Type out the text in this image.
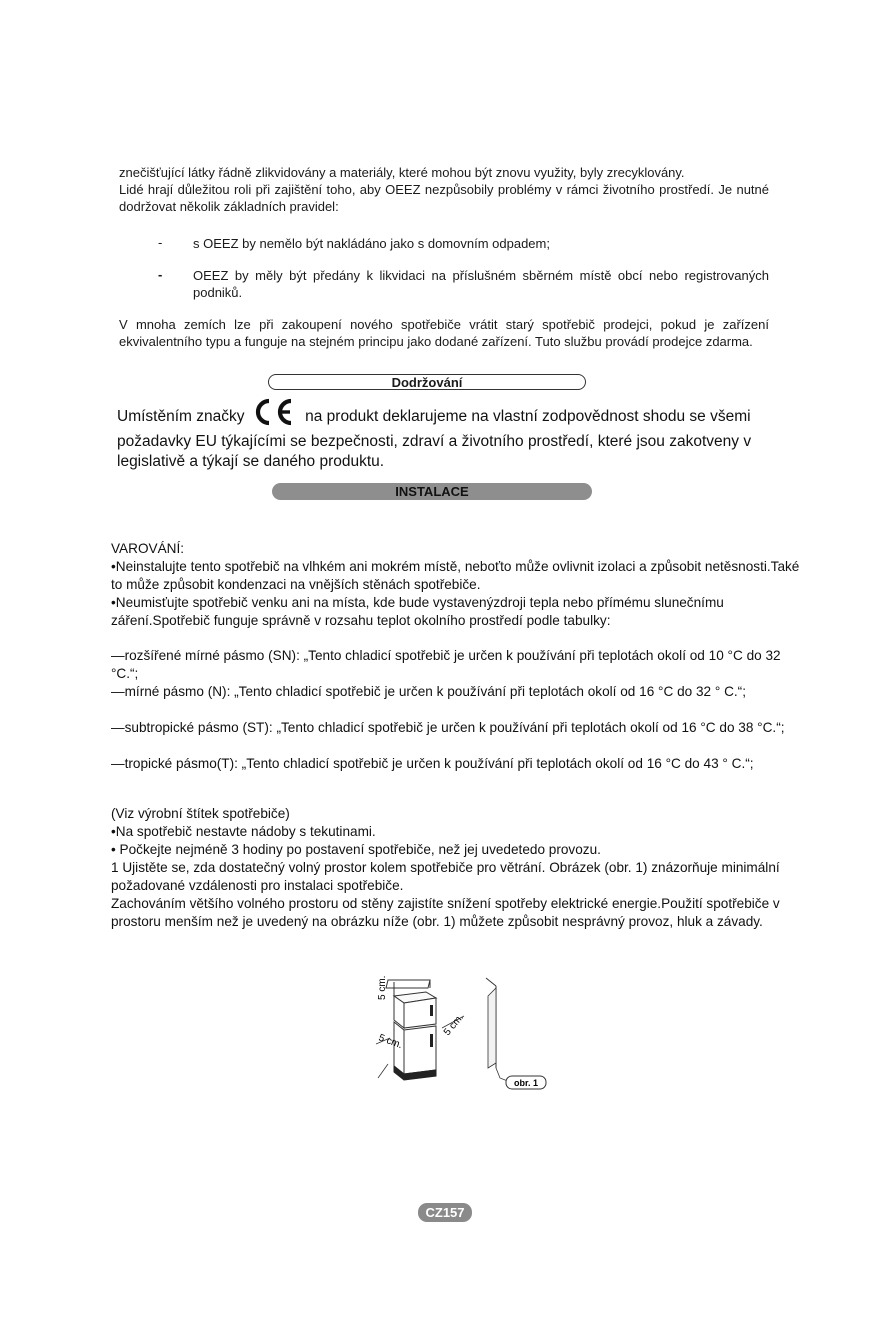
znečišťující látky řádně zlikvidovány a materiály, které mohou být znovu využity, byly zrecyklovány.
Lidé hrají důležitou roli při zajištění toho, aby OEEZ nezpůsobily problémy v rámci životního prostředí. Je nutné dodržovat několik základních pravidel:
- s OEEZ by nemělo být nakládáno jako s domovním odpadem;
- OEEZ by měly být předány k likvidaci na příslušném sběrném místě obcí nebo registrovaných podniků.
V mnoha zemích lze při zakoupení nového spotřebiče vrátit starý spotřebič prodejci, pokud je zařízení ekvivalentního typu a funguje na stejném principu jako dodané zařízení. Tuto službu provádí prodejce zdarma.
Dodržování
Umístěním značky	na produkt deklarujeme na vlastní zodpovědnost shodu se všemi požadavky EU týkajícími se bezpečnosti, zdraví a životního prostředí, které jsou zakotveny v legislativě a týkají se daného produktu.
INSTALACE
VAROVÁNÍ:
•Neinstalujte tento spotřebič na vlhkém ani mokrém místě, neboťto může ovlivnit izolaci a způsobit netěsnosti.Také to může způsobit kondenzaci na vnějších stěnách spotřebiče.
•Neumisťujte spotřebič venku ani na místa, kde bude vystavenýzdroji tepla nebo přímému slunečnímu záření.Spotřebič funguje správně v rozsahu teplot okolního prostředí podle tabulky:
—rozšířené mírné pásmo (SN): „Tento chladicí spotřebič je určen k používání při teplotách okolí od 10 °C do 32 °C.“;
—mírné pásmo (N): „Tento chladicí spotřebič je určen k používání při teplotách okolí od 16 °C do 32 ° C.“;
—subtropické pásmo (ST): „Tento chladicí spotřebič je určen k používání při teplotách okolí od 16 °C do 38 °C.“;
—tropické pásmo(T): „Tento chladicí spotřebič je určen k používání při teplotách okolí od 16 °C do 43 ° C.“;
(Viz výrobní štítek spotřebiče)
•Na spotřebič nestavte nádoby s tekutinami.
• Počkejte nejméně 3 hodiny po postavení spotřebiče, než jej uvedetedo provozu.
1 Ujistěte se, zda dostatečný volný prostor kolem spotřebiče pro větrání. Obrázek (obr. 1) znázorňuje minimální požadované vzdálenosti pro instalaci spotřebiče.
Zachováním většího volného prostoru od stěny zajistíte snížení spotřeby elektrické energie.Použití spotřebiče v prostoru menším než je uvedený na obrázku níže (obr. 1) můžete způsobit nesprávný provoz, hluk a závady.
5 cm.
5 cm.
5 cm.
obr. 1
CZ157
